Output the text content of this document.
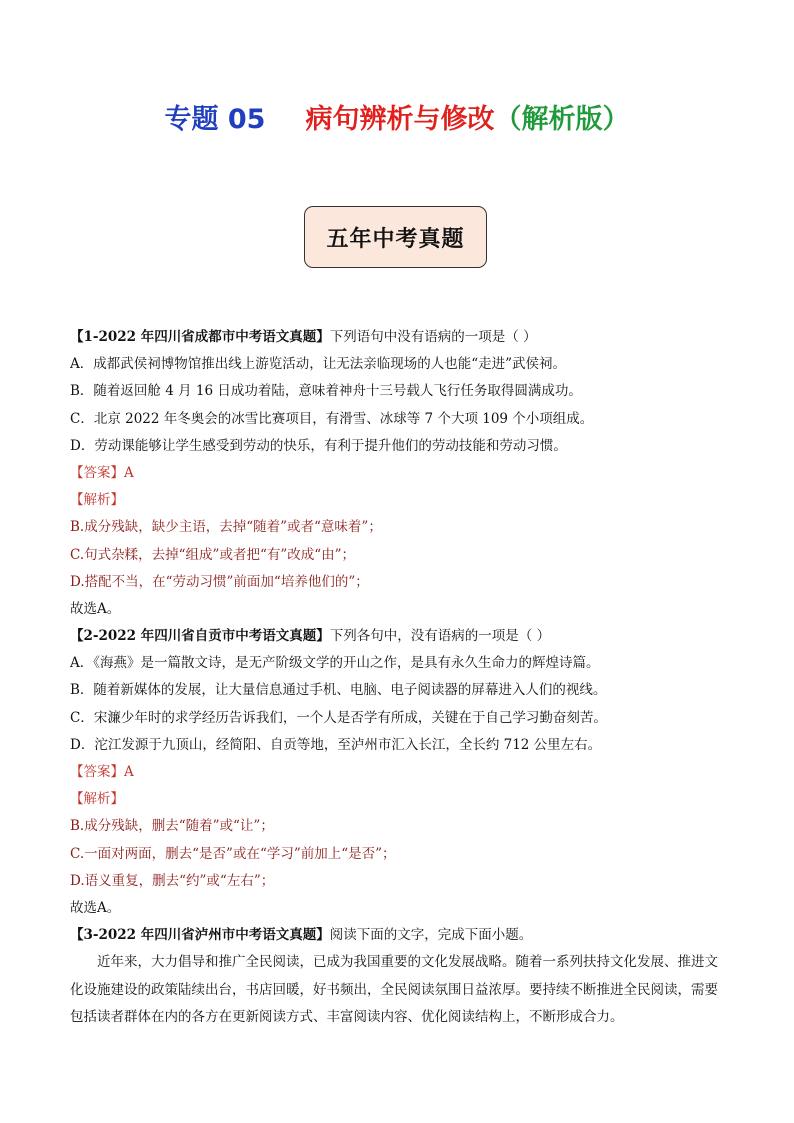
专题 05 病句辨析与修改（解析版）
五年中考真题
【1-2022 年四川省成都市中考语文真题】下列语句中没有语病的一项是（ ）
A．成都武侯祠博物馆推出线上游览活动，让无法亲临现场的人也能“走进”武侯祠。
B．随着返回舱 4 月 16 日成功着陆，意味着神舟十三号载人飞行任务取得圆满成功。
C．北京 2022 年冬奥会的冰雪比赛项目，有滑雪、冰球等 7 个大项 109 个小项组成。
D．劳动课能够让学生感受到劳动的快乐，有利于提升他们的劳动技能和劳动习惯。
【答案】A
【解析】
B.成分残缺，缺少主语，去掉“随着”或者“意味着”；
C.句式杂糅，去掉“组成”或者把“有”改成“由”；
D.搭配不当，在“劳动习惯”前面加“培养他们的”；
故选A。
【2-2022 年四川省自贡市中考语文真题】下列各句中，没有语病的一项是（ ）
A．《海燕》是一篇散文诗，是无产阶级文学的开山之作，是具有永久生命力的辉煌诗篇。
B．随着新媒体的发展，让大量信息通过手机、电脑、电子阅读器的屏幕进入人们的视线。
C．宋濂少年时的求学经历告诉我们，一个人是否学有所成，关键在于自己学习勤奋刻苦。
D．沱江发源于九顶山，经简阳、自贡等地，至泸州市汇入长江，全长约 712 公里左右。
【答案】A
【解析】
B.成分残缺，删去“随着”或“让”；
C.一面对两面，删去“是否”或在“学习”前加上“是否”；
D.语义重复，删去“约”或“左右”；
故选A。
【3-2022 年四川省泸州市中考语文真题】阅读下面的文字，完成下面小题。
近年来，大力倡导和推广全民阅读，已成为我国重要的文化发展战略。随着一系列扶持文化发展、推进文化设施建设的政策陆续出台，书店回暖，好书频出，全民阅读氛围日益浓厚。要持续不断推进全民阅读，需要包括读者群体在内的各方在更新阅读方式、丰富阅读内容、优化阅读结构上，不断形成合力。
